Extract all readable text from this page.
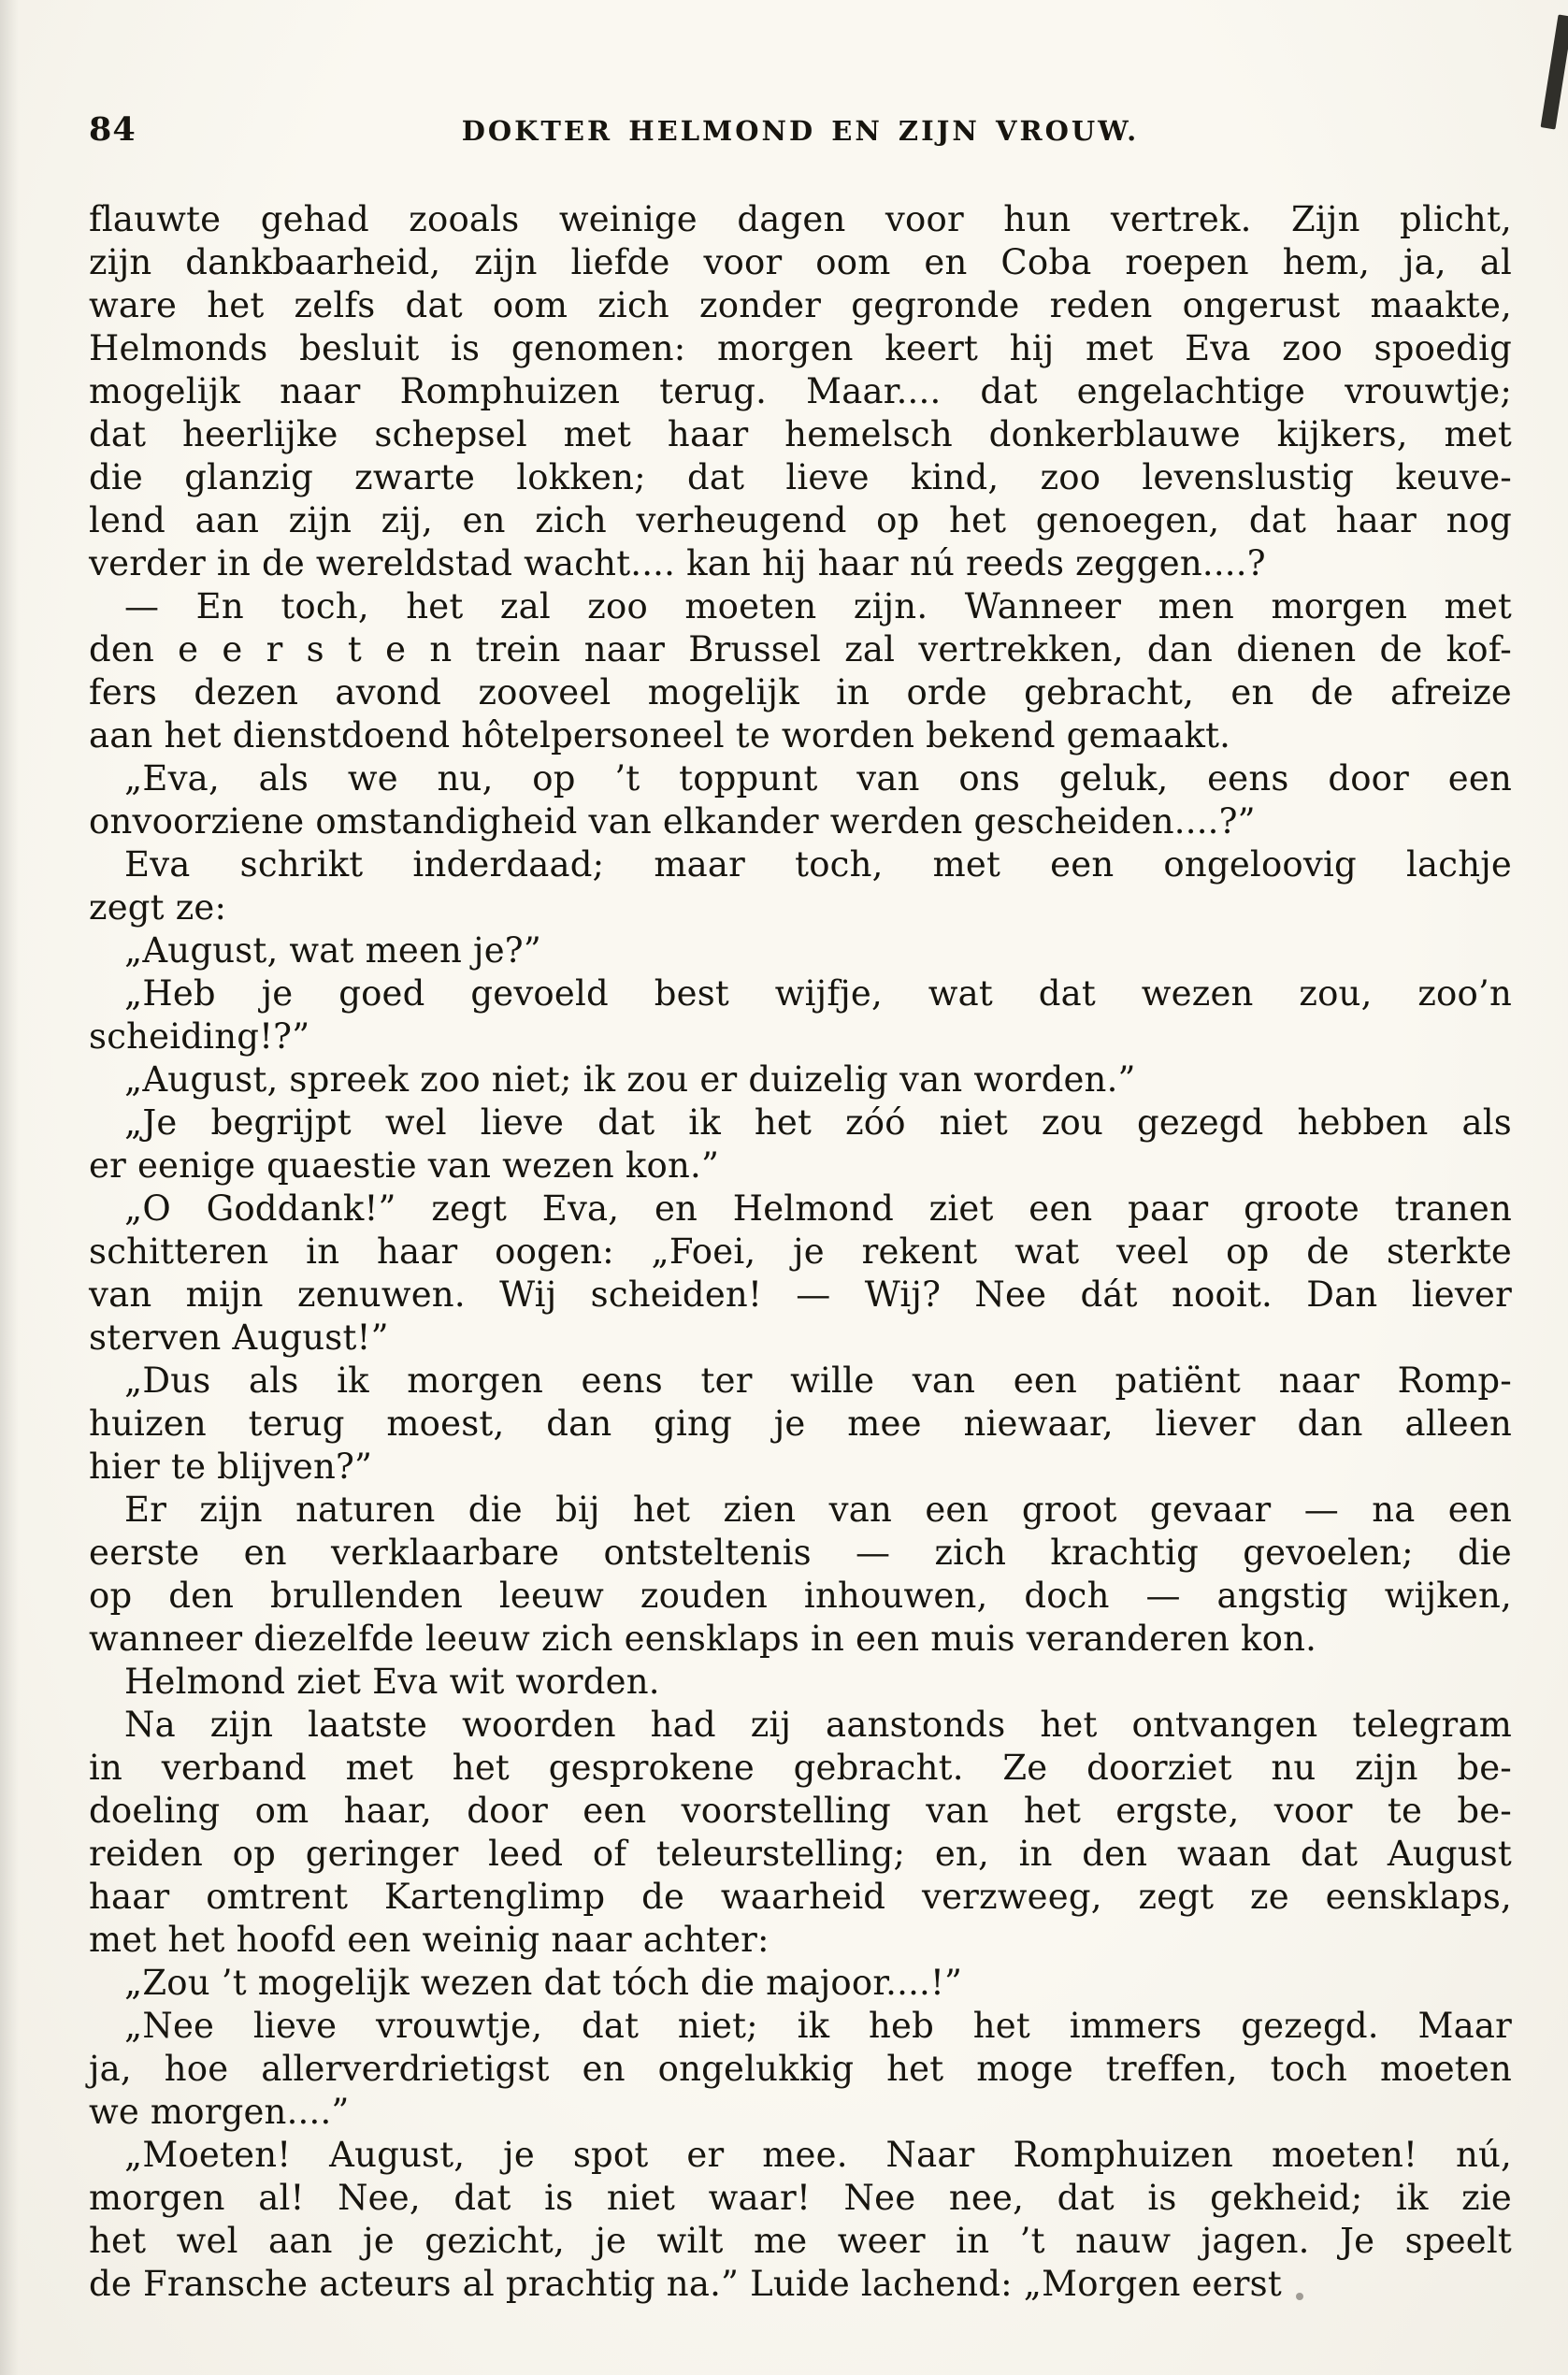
84	DOKTER HELMOND EN ZIJN VROUW.

flauwte gehad zooals weinige dagen voor hun vertrek. Zijn plicht,
zijn dankbaarheid, zijn liefde voor oom en Coba roepen hem, ja, al
ware het zelfs dat oom zich zonder gegronde reden ongerust maakte,
Helmonds besluit is genomen: morgen keert hij met Eva zoo spoedig
mogelijk naar Romphuizen terug. Maar.... dat engelachtige vrouwtje;
dat heerlijke schepsel met haar hemelsch donkerblauwe kijkers, met
die glanzig zwarte lokken; dat lieve kind, zoo levenslustig keuve-
lend aan zijn zij, en zich verheugend op het genoegen, dat haar nog
verder in de wereldstad wacht.... kan hij haar nú reeds zeggen....?

— En toch, het zal zoo moeten zijn. Wanneer men morgen met
den e e r s t e n trein naar Brussel zal vertrekken, dan dienen de kof-
fers dezen avond zooveel mogelijk in orde gebracht, en de afreize
aan het dienstdoend hôtelpersoneel te worden bekend gemaakt.

„Eva, als we nu, op ’t toppunt van ons geluk, eens door een
onvoorziene omstandigheid van elkander werden gescheiden....?”

Eva schrikt inderdaad; maar toch, met een ongeloovig lachje
zegt ze:

„August, wat meen je?”

„Heb je goed gevoeld best wijfje, wat dat wezen zou, zoo’n
scheiding!?”

„August, spreek zoo niet; ik zou er duizelig van worden.”

„Je begrijpt wel lieve dat ik het zóó niet zou gezegd hebben als
er eenige quaestie van wezen kon.”

„O Goddank!” zegt Eva, en Helmond ziet een paar groote tranen
schitteren in haar oogen: „Foei, je rekent wat veel op de sterkte
van mijn zenuwen. Wij scheiden! — Wij? Nee dát nooit. Dan liever
sterven August!”

„Dus als ik morgen eens ter wille van een patiënt naar Romp-
huizen terug moest, dan ging je mee niewaar, liever dan alleen
hier te blijven?”

Er zijn naturen die bij het zien van een groot gevaar — na een
eerste en verklaarbare ontsteltenis — zich krachtig gevoelen; die
op den brullenden leeuw zouden inhouwen, doch — angstig wijken,
wanneer diezelfde leeuw zich eensklaps in een muis veranderen kon.

Helmond ziet Eva wit worden.

Na zijn laatste woorden had zij aanstonds het ontvangen telegram
in verband met het gesprokene gebracht. Ze doorziet nu zijn be-
doeling om haar, door een voorstelling van het ergste, voor te be-
reiden op geringer leed of teleurstelling; en, in den waan dat August
haar omtrent Kartenglimp de waarheid verzweeg, zegt ze eensklaps,
met het hoofd een weinig naar achter:

„Zou ’t mogelijk wezen dat tóch die majoor....!”

„Nee lieve vrouwtje, dat niet; ik heb het immers gezegd. Maar
ja, hoe allerverdrietigst en ongelukkig het moge treffen, toch moeten
we morgen....”

„Moeten! August, je spot er mee. Naar Romphuizen moeten! nú,
morgen al! Nee, dat is niet waar! Nee nee, dat is gekheid; ik zie
het wel aan je gezicht, je wilt me weer in ’t nauw jagen. Je speelt
de Fransche acteurs al prachtig na.” Luide lachend: „Morgen eerst
